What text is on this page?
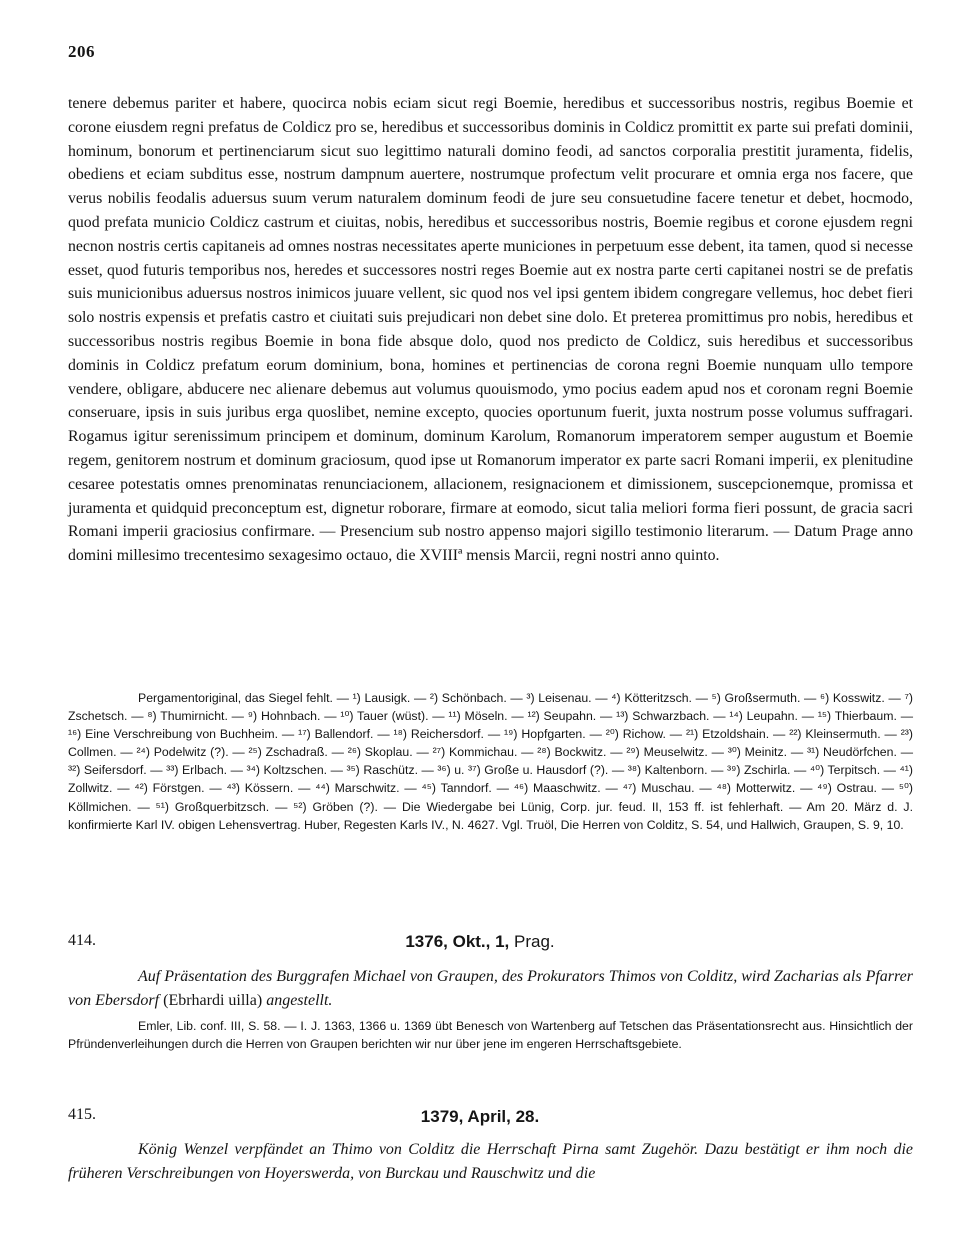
206

tenere debemus pariter et habere, quocirca nobis eciam sicut regi Boemie, heredibus et successoribus nostris, regibus Boemie et corone eiusdem regni prefatus de Coldicz pro se, heredibus et successoribus dominis in Coldicz promittit ex parte sui prefati dominii, hominum, bonorum et pertinenciarum sicut suo legittimo naturali domino feodi, ad sanctos corporalia prestitit juramenta, fidelis, obediens et eciam subditus esse, nostrum dampnum auertere, nostrumque profectum velit procurare et omnia erga nos facere, que verus nobilis feodalis aduersus suum verum naturalem dominum feodi de jure seu consuetudine facere tenetur et debet, hocmodo, quod prefata municio Coldicz castrum et ciuitas, nobis, heredibus et successoribus nostris, Boemie regibus et corone ejusdem regni necnon nostris certis capitaneis ad omnes nostras necessitates aperte municiones in perpetuum esse debent, ita tamen, quod si necesse esset, quod futuris temporibus nos, heredes et successores nostri reges Boemie aut ex nostra parte certi capitanei nostri se de prefatis suis municionibus aduersus nostros inimicos juuare vellent, sic quod nos vel ipsi gentem ibidem congregare vellemus, hoc debet fieri solo nostris expensis et prefatis castro et ciuitati suis prejudicari non debet sine dolo. Et preterea promittimus pro nobis, heredibus et successoribus nostris regibus Boemie in bona fide absque dolo, quod nos predicto de Coldicz, suis heredibus et successoribus dominis in Coldicz prefatum eorum dominium, bona, homines et pertinencias de corona regni Boemie nunquam ullo tempore vendere, obligare, abducere nec alienare debemus aut volumus quouismodo, ymo pocius eadem apud nos et coronam regni Boemie conseruare, ipsis in suis juribus erga quoslibet, nemine excepto, quocies oportunum fuerit, juxta nostrum posse volumus suffragari. Rogamus igitur serenissimum principem et dominum, dominum Karolum, Romanorum imperatorem semper augustum et Boemie regem, genitorem nostrum et dominum graciosum, quod ipse ut Romanorum imperator ex parte sacri Romani imperii, ex plenitudine cesaree potestatis omnes prenominatas renunciacionem, allacionem, resignacionem et dimissionem, suscepcionemque, promissa et juramenta et quidquid preconceptum est, dignetur roborare, firmare at eomodo, sicut talia meliori forma fieri possunt, de gracia sacri Romani imperii graciosius confirmare. — Presencium sub nostro appenso majori sigillo testimonio literarum. — Datum Prage anno domini millesimo trecentesimo sexagesimo octauo, die XVIIIª mensis Marcii, regni nostri anno quinto.

Pergamentoriginal, das Siegel fehlt. — ¹) Lausigk. — ²) Schönbach. — ³) Leisenau. — ⁴) Kötteritzsch. — ⁵) Großsermuth. — ⁶) Kosswitz. — ⁷) Zschetsch. — ⁸) Thumirnicht. — ⁹) Hohnbach. — ¹⁰) Tauer (wüst). — ¹¹) Möseln. — ¹²) Seupahn. — ¹³) Schwarzbach. — ¹⁴) Leupahn. — ¹⁵) Thierbaum. — ¹⁶) Eine Verschreibung von Buchheim. — ¹⁷) Ballendorf. — ¹⁸) Reichersdorf. — ¹⁹) Hopfgarten. — ²⁰) Richow. — ²¹) Etzoldshain. — ²²) Kleinsermuth. — ²³) Collmen. — ²⁴) Podelwitz (?). — ²⁵) Zschadraß. — ²⁶) Skoplau. — ²⁷) Kommichau. — ²⁸) Bockwitz. — ²⁹) Meuselwitz. — ³⁰) Meinitz. — ³¹) Neudörfchen. — ³²) Seifersdorf. — ³³) Erlbach. — ³⁴) Koltzschen. — ³⁵) Raschütz. — ³⁶) u. ³⁷) Große u. Hausdorf (?). — ³⁸) Kaltenborn. — ³⁹) Zschirla. — ⁴⁰) Terpitsch. — ⁴¹) Zollwitz. — ⁴²) Förstgen. — ⁴³) Kössern. — ⁴⁴) Marschwitz. — ⁴⁵) Tanndorf. — ⁴⁶) Maaschwitz. — ⁴⁷) Muschau. — ⁴⁸) Motterwitz. — ⁴⁹) Ostrau. — ⁵⁰) Köllmichen. — ⁵¹) Großquerbitzsch. — ⁵²) Gröben (?). — Die Wiedergabe bei Lünig, Corp. jur. feud. II, 153 ff. ist fehlerhaft. — Am 20. März d. J. konfirmierte Karl IV. obigen Lehensvertrag. Huber, Regesten Karls IV., N. 4627. Vgl. Truöl, Die Herren von Colditz, S. 54, und Hallwich, Graupen, S. 9, 10.

414.	1376, Okt., 1, Prag.

Auf Präsentation des Burggrafen Michael von Graupen, des Prokurators Thimos von Colditz, wird Zacharias als Pfarrer von Ebersdorf (Ebrhardi uilla) angestellt.

Emler, Lib. conf. III, S. 58. — I. J. 1363, 1366 u. 1369 übt Benesch von Wartenberg auf Tetschen das Präsentationsrecht aus. Hinsichtlich der Pfründenverleihungen durch die Herren von Graupen berichten wir nur über jene im engeren Herrschaftsgebiete.

415.	1379, April, 28.

König Wenzel verpfändet an Thimo von Colditz die Herrschaft Pirna samt Zugehör. Dazu bestätigt er ihm noch die früheren Verschreibungen von Hoyerswerda, von Burckau und Rauschwitz und die
